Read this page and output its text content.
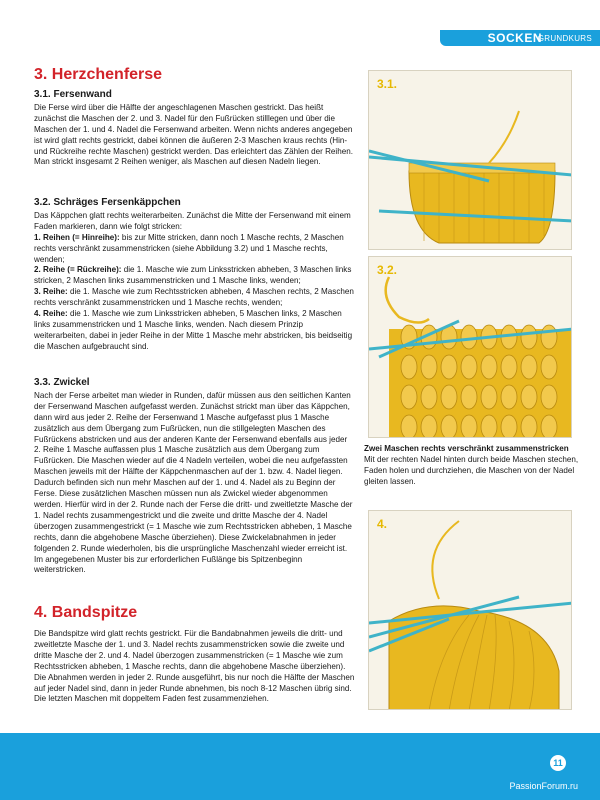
SOCKEN
GRUNDKURS
3. Herzchenferse
3.1. Fersenwand

Die Ferse wird über die Hälfte der angeschlagenen Maschen gestrickt. Das heißt zunächst die Maschen der 2. und 3. Nadel für den Fußrücken stilllegen und über die Maschen der 1. und 4. Nadel die Fersenwand arbeiten. Wenn nichts anderes angegeben ist wird glatt rechts gestrickt, dabei können die äußeren 2-3 Maschen kraus rechts (Hin- und Rückreihe rechte Maschen) gestrickt werden. Das erleichtert das Zählen der Reihen. Man strickt insgesamt 2 Reihen weniger, als Maschen auf diesen Nadeln liegen.

3.2. Schräges Fersenkäppchen

Das Käppchen glatt rechts weiterarbeiten. Zunächst die Mitte der Fersenwand mit einem Faden markieren, dann wie folgt stricken:

1. Reihen (= Hinreihe): bis zur Mitte stricken, dann noch 1 Masche rechts, 2 Maschen rechts verschränkt zusammenstricken (siehe Abbildung 3.2) und 1 Masche rechts, wenden;

2. Reihe (= Rückreihe): die 1. Masche wie zum Linksstricken abheben, 3 Maschen links stricken, 2 Maschen links zusammenstricken und 1 Masche links, wenden;

3. Reihe: die 1. Masche wie zum Rechtsstricken abheben, 4 Maschen rechts, 2 Maschen rechts verschränkt zusammenstricken und 1 Masche rechts, wenden;

4. Reihe: die 1. Masche wie zum Linksstricken abheben, 5 Maschen links, 2 Maschen links zusammenstricken und 1 Masche links, wenden. Nach diesem Prinzip weiterarbeiten, dabei in jeder Reihe in der Mitte 1 Masche mehr abstricken, bis beidseitig die Maschen aufgebraucht sind.

3.3. Zwickel

Nach der Ferse arbeitet man wieder in Runden, dafür müssen aus den seitlichen Kanten der Fersenwand Maschen aufgefasst werden. Zunächst strickt man über das Käppchen, dann wird aus jeder 2. Reihe der Fersenwand 1 Masche aufgefasst plus 1 Masche zusätzlich aus dem Übergang zum Fußrücken, nun die stillgelegten Maschen des Fußrückens abstricken und aus der anderen Kante der Fersenwand ebenfalls aus jeder 2. Reihe 1 Masche auffassen plus 1 Masche zusätzlich aus dem Übergang zum Fußrücken. Die Maschen wieder auf die 4 Nadeln verteilen, wobei die neu aufgefassten Maschen jeweils mit der Hälfte der Käppchenmaschen auf der 1. bzw. 4. Nadel liegen. Dadurch befinden sich nun mehr Maschen auf der 1. und 4. Nadel als zu Beginn der Ferse. Diese zusätzlichen Maschen müssen nun als Zwickel wieder abgenommen werden. Hierfür wird in der 2. Runde nach der Ferse die dritt- und zweitletzte Masche der 1. Nadel rechts zusammengestrickt und die zweite und dritte Masche der 4. Nadel überzogen zusammengestrickt (= 1 Masche wie zum Rechtsstricken abheben, 1 Masche rechts, dann die abgehobene Masche überziehen). Diese Zwickelabnahmen in jeder folgenden 2. Runde wiederholen, bis die ursprüngliche Maschenzahl wieder erreicht ist. Im angegebenen Muster bis zur erforderlichen Fußlänge bis Spitzenbeginn weiterstricken.

4. Bandspitze

Die Bandspitze wird glatt rechts gestrickt. Für die Bandabnahmen jeweils die dritt- und zweitletzte Masche der 1. und 3. Nadel rechts zusammenstricken sowie die zweite und dritte Masche der 2. und 4. Nadel überzogen zusammenstricken (= 1 Masche wie zum Rechtsstricken abheben, 1 Masche rechts, dann die abgehobene Masche überziehen). Die Abnahmen werden in jeder 2. Runde ausgeführt, bis nur noch die Hälfte der Maschen auf jeder Nadel sind, dann in jeder Runde abnehmen, bis noch 8-12 Maschen übrig sind. Die letzten Maschen mit doppeltem Faden fest zusammenziehen.

3.1.
3.2.
Zwei Maschen rechts verschränkt zusammenstricken
Mit der rechten Nadel hinten durch beide Maschen stechen, Faden holen und durchziehen, die Maschen von der Nadel gleiten lassen.
4.
11
PassionForum.ru
